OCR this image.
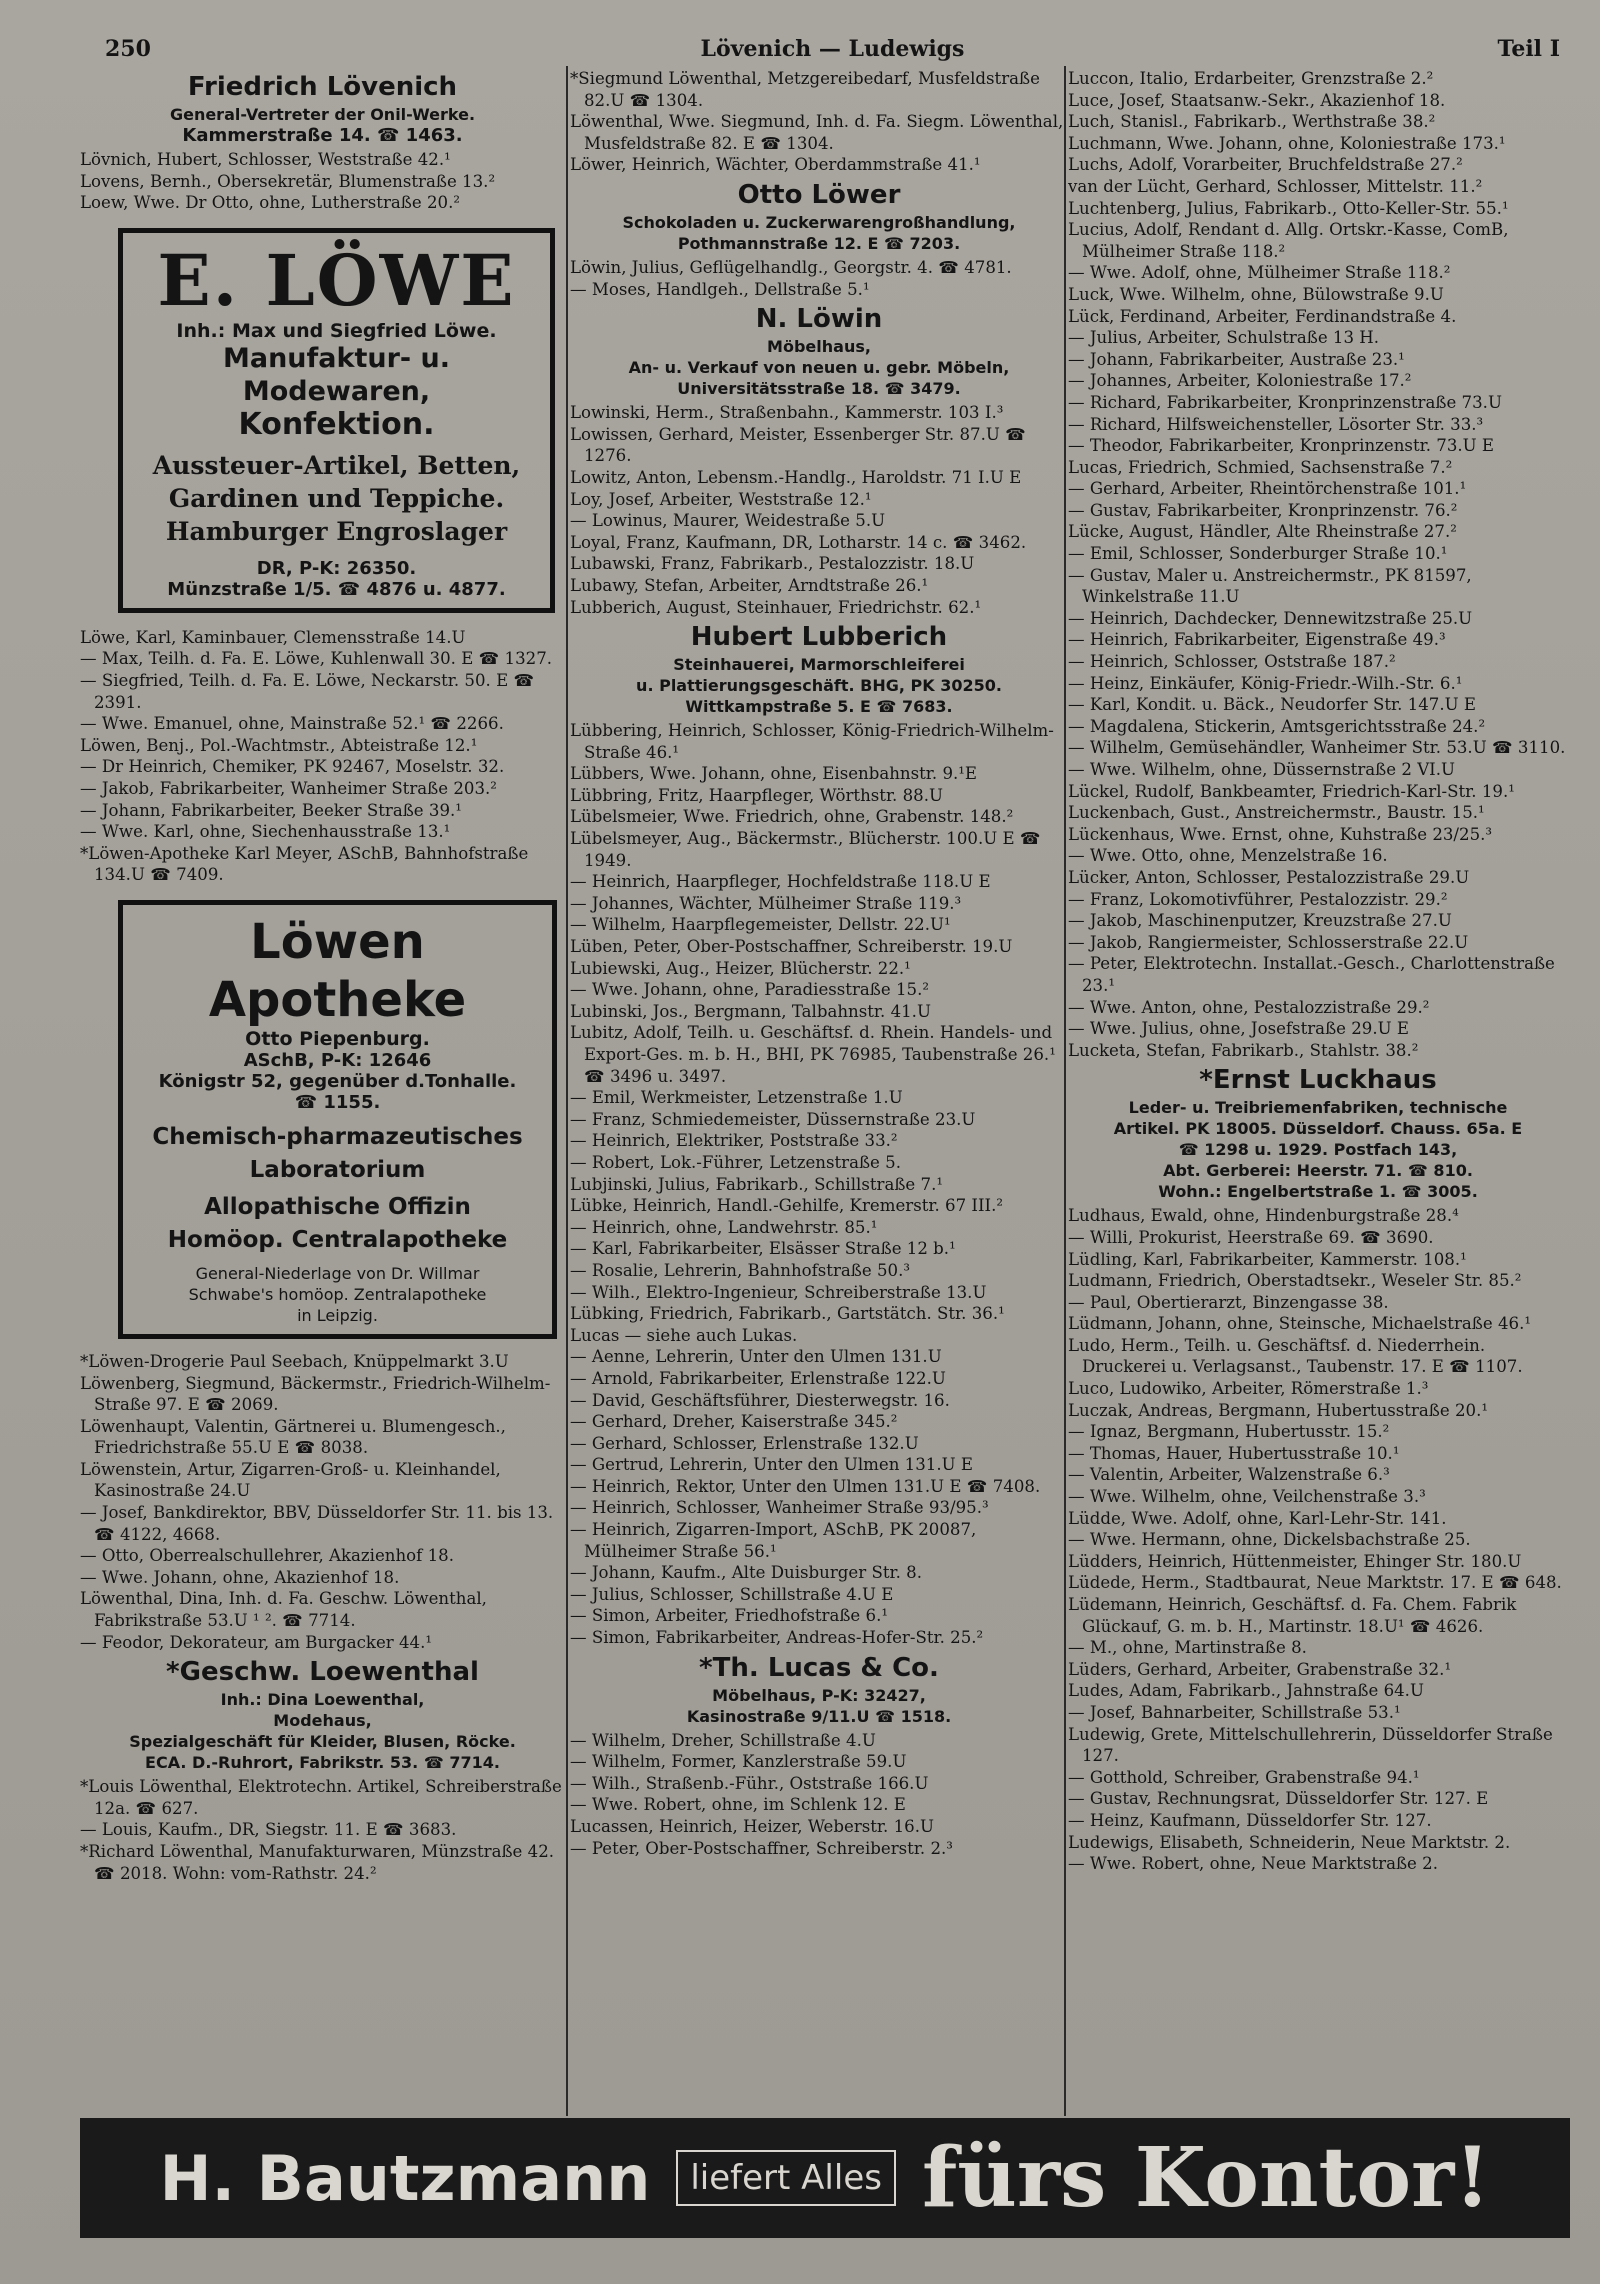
250	Lövenich — Ludewigs	Teil I
Friedrich Lövenich
General-Vertreter der Onil-Werke.
Kammerstraße 14. ☎ 1463.
Lövnich, Hubert, Schlosser, Weststraße 42.¹
Lovens, Bernh., Obersekretär, Blumenstraße 13.²
Loew, Wwe. Dr Otto, ohne, Lutherstraße 20.²
E. LÖWE
Inh.: Max und Siegfried Löwe.
Manufaktur- u. Modewaren,
Konfektion.
Aussteuer-Artikel, Betten,
Gardinen und Teppiche.
Hamburger Engroslager
DR, P-K: 26350.
Münzstraße 1/5. ☎ 4876 u. 4877.
Löwe, Karl, Kaminbauer, Clemensstraße 14.U
— Max, Teilh. d. Fa. E. Löwe, Kuhlenwall 30. E ☎ 1327.
— Siegfried, Teilh. d. Fa. E. Löwe, Neckarstr. 50. E ☎ 2391.
— Wwe. Emanuel, ohne, Mainstraße 52.¹ ☎ 2266.
Löwen, Benj., Pol.-Wachtmstr., Abteistraße 12.¹
— Dr Heinrich, Chemiker, PK 92467, Moselstr. 32.
— Jakob, Fabrikarbeiter, Wanheimer Straße 203.²
— Johann, Fabrikarbeiter, Beeker Straße 39.¹
— Wwe. Karl, ohne, Siechenhausstraße 13.¹
*Löwen-Apotheke Karl Meyer, ASchB, Bahnhofstraße 134.U ☎ 7409.
Löwen Apotheke
Otto Piepenburg.
ASchB, P-K: 12646
Königstr 52, gegenüber d.Tonhalle.
☎ 1155.
Chemisch-pharmazeutisches
Laboratorium
Allopathische Offizin
Homöop. Centralapotheke
General-Niederlage von Dr. Willmar
Schwabe's homöop. Zentralapotheke
in Leipzig.
*Löwen-Drogerie Paul Seebach, Knüppelmarkt 3.U
Löwenberg, Siegmund, Bäckermstr., Friedrich-Wilhelm-Straße 97. E ☎ 2069.
Löwenhaupt, Valentin, Gärtnerei u. Blumengesch., Friedrichstraße 55.U E ☎ 8038.
Löwenstein, Artur, Zigarren-Groß- u. Kleinhandel, Kasinostraße 24.U
— Josef, Bankdirektor, BBV, Düsseldorfer Str. 11. bis 13. ☎ 4122, 4668.
— Otto, Oberrealschullehrer, Akazienhof 18.
— Wwe. Johann, ohne, Akazienhof 18.
Löwenthal, Dina, Inh. d. Fa. Geschw. Löwenthal, Fabrikstraße 53.U ¹ ². ☎ 7714.
— Feodor, Dekorateur, am Burgacker 44.¹
*Geschw. Loewenthal
Inh.: Dina Loewenthal,
Modehaus,
Spezialgeschäft für Kleider, Blusen, Röcke.
ECA. D.-Ruhrort, Fabrikstr. 53. ☎ 7714.
*Louis Löwenthal, Elektrotechn. Artikel, Schreiberstraße 12a. ☎ 627.
— Louis, Kaufm., DR, Siegstr. 11. E ☎ 3683.
*Richard Löwenthal, Manufakturwaren, Münzstraße 42. ☎ 2018. Wohn: vom-Rathstr. 24.²
*Siegmund Löwenthal, Metzgereibedarf, Musfeldstraße 82.U ☎ 1304.
Löwenthal, Wwe. Siegmund, Inh. d. Fa. Siegm. Löwenthal, Musfeldstraße 82. E ☎ 1304.
Löwer, Heinrich, Wächter, Oberdammstraße 41.¹
Otto Löwer
Schokoladen u. Zuckerwarengroßhandlung,
Pothmannstraße 12. E ☎ 7203.
Löwin, Julius, Geflügelhandlg., Georgstr. 4. ☎ 4781.
— Moses, Handlgeh., Dellstraße 5.¹
N. Löwin
Möbelhaus,
An- u. Verkauf von neuen u. gebr. Möbeln,
Universitätsstraße 18. ☎ 3479.
Lowinski, Herm., Straßenbahn., Kammerstr. 103 I.³
Lowissen, Gerhard, Meister, Essenberger Str. 87.U ☎ 1276.
Lowitz, Anton, Lebensm.-Handlg., Haroldstr. 71 I.U E
Loy, Josef, Arbeiter, Weststraße 12.¹
— Lowinus, Maurer, Weidestraße 5.U
Loyal, Franz, Kaufmann, DR, Lotharstr. 14 c. ☎ 3462.
Lubawski, Franz, Fabrikarb., Pestalozzistr. 18.U
Lubawy, Stefan, Arbeiter, Arndtstraße 26.¹
Lubberich, August, Steinhauer, Friedrichstr. 62.¹
Hubert Lubberich
Steinhauerei, Marmorschleiferei
u. Plattierungsgeschäft. BHG, PK 30250.
Wittkampstraße 5. E ☎ 7683.
Lübbering, Heinrich, Schlosser, König-Friedrich-Wilhelm-Straße 46.¹
Lübbers, Wwe. Johann, ohne, Eisenbahnstr. 9.¹E
Lübbring, Fritz, Haarpfleger, Wörthstr. 88.U
Lübelsmeier, Wwe. Friedrich, ohne, Grabenstr. 148.²
Lübelsmeyer, Aug., Bäckermstr., Blücherstr. 100.U E ☎ 1949.
— Heinrich, Haarpfleger, Hochfeldstraße 118.U E
— Johannes, Wächter, Mülheimer Straße 119.³
— Wilhelm, Haarpflegemeister, Dellstr. 22.U¹
Lüben, Peter, Ober-Postschaffner, Schreiberstr. 19.U
Lubiewski, Aug., Heizer, Blücherstr. 22.¹
— Wwe. Johann, ohne, Paradiesstraße 15.²
Lubinski, Jos., Bergmann, Talbahnstr. 41.U
Lubitz, Adolf, Teilh. u. Geschäftsf. d. Rhein. Handels- und Export-Ges. m. b. H., BHI, PK 76985, Taubenstraße 26.¹ ☎ 3496 u. 3497.
— Emil, Werkmeister, Letzenstraße 1.U
— Franz, Schmiedemeister, Düssernstraße 23.U
— Heinrich, Elektriker, Poststraße 33.²
— Robert, Lok.-Führer, Letzenstraße 5.
Lubjinski, Julius, Fabrikarb., Schillstraße 7.¹
Lübke, Heinrich, Handl.-Gehilfe, Kremerstr. 67 III.²
— Heinrich, ohne, Landwehrstr. 85.¹
— Karl, Fabrikarbeiter, Elsässer Straße 12 b.¹
— Rosalie, Lehrerin, Bahnhofstraße 50.³
— Wilh., Elektro-Ingenieur, Schreiberstraße 13.U
Lübking, Friedrich, Fabrikarb., Gartstätch. Str. 36.¹
Lucas — siehe auch Lukas.
— Aenne, Lehrerin, Unter den Ulmen 131.U
— Arnold, Fabrikarbeiter, Erlenstraße 122.U
— David, Geschäftsführer, Diesterwegstr. 16.
— Gerhard, Dreher, Kaiserstraße 345.²
— Gerhard, Schlosser, Erlenstraße 132.U
— Gertrud, Lehrerin, Unter den Ulmen 131.U E
— Heinrich, Rektor, Unter den Ulmen 131.U E ☎ 7408.
— Heinrich, Schlosser, Wanheimer Straße 93/95.³
— Heinrich, Zigarren-Import, ASchB, PK 20087, Mülheimer Straße 56.¹
— Johann, Kaufm., Alte Duisburger Str. 8.
— Julius, Schlosser, Schillstraße 4.U E
— Simon, Arbeiter, Friedhofstraße 6.¹
— Simon, Fabrikarbeiter, Andreas-Hofer-Str. 25.²
*Th. Lucas & Co.
Möbelhaus, P-K: 32427,
Kasinostraße 9/11.U ☎ 1518.
— Wilhelm, Dreher, Schillstraße 4.U
— Wilhelm, Former, Kanzlerstraße 59.U
— Wilh., Straßenb.-Führ., Oststraße 166.U
— Wwe. Robert, ohne, im Schlenk 12. E
Lucassen, Heinrich, Heizer, Weberstr. 16.U
— Peter, Ober-Postschaffner, Schreiberstr. 2.³
Luccon, Italio, Erdarbeiter, Grenzstraße 2.²
Luce, Josef, Staatsanw.-Sekr., Akazienhof 18.
Luch, Stanisl., Fabrikarb., Werthstraße 38.²
Luchmann, Wwe. Johann, ohne, Koloniestraße 173.¹
Luchs, Adolf, Vorarbeiter, Bruchfeldstraße 27.²
van der Lücht, Gerhard, Schlosser, Mittelstr. 11.²
Luchtenberg, Julius, Fabrikarb., Otto-Keller-Str. 55.¹
Lucius, Adolf, Rendant d. Allg. Ortskr.-Kasse, ComB, Mülheimer Straße 118.²
— Wwe. Adolf, ohne, Mülheimer Straße 118.²
Luck, Wwe. Wilhelm, ohne, Bülowstraße 9.U
Lück, Ferdinand, Arbeiter, Ferdinandstraße 4.
— Julius, Arbeiter, Schulstraße 13 H.
— Johann, Fabrikarbeiter, Austraße 23.¹
— Johannes, Arbeiter, Koloniestraße 17.²
— Richard, Fabrikarbeiter, Kronprinzenstraße 73.U
— Richard, Hilfsweichensteller, Lösorter Str. 33.³
— Theodor, Fabrikarbeiter, Kronprinzenstr. 73.U E
Lucas, Friedrich, Schmied, Sachsenstraße 7.²
— Gerhard, Arbeiter, Rheintörchenstraße 101.¹
— Gustav, Fabrikarbeiter, Kronprinzenstr. 76.²
Lücke, August, Händler, Alte Rheinstraße 27.²
— Emil, Schlosser, Sonderburger Straße 10.¹
— Gustav, Maler u. Anstreichermstr., PK 81597, Winkelstraße 11.U
— Heinrich, Dachdecker, Dennewitzstraße 25.U
— Heinrich, Fabrikarbeiter, Eigenstraße 49.³
— Heinrich, Schlosser, Oststraße 187.²
— Heinz, Einkäufer, König-Friedr.-Wilh.-Str. 6.¹
— Karl, Kondit. u. Bäck., Neudorfer Str. 147.U E
— Magdalena, Stickerin, Amtsgerichtsstraße 24.²
— Wilhelm, Gemüsehändler, Wanheimer Str. 53.U ☎ 3110.
— Wwe. Wilhelm, ohne, Düssernstraße 2 VI.U
Lückel, Rudolf, Bankbeamter, Friedrich-Karl-Str. 19.¹
Luckenbach, Gust., Anstreichermstr., Baustr. 15.¹
Lückenhaus, Wwe. Ernst, ohne, Kuhstraße 23/25.³
— Wwe. Otto, ohne, Menzelstraße 16.
Lücker, Anton, Schlosser, Pestalozzistraße 29.U
— Franz, Lokomotivführer, Pestalozzistr. 29.²
— Jakob, Maschinenputzer, Kreuzstraße 27.U
— Jakob, Rangiermeister, Schlosserstraße 22.U
— Peter, Elektrotechn. Installat.-Gesch., Charlottenstraße 23.¹
— Wwe. Anton, ohne, Pestalozzistraße 29.²
— Wwe. Julius, ohne, Josefstraße 29.U E
Lucketa, Stefan, Fabrikarb., Stahlstr. 38.²
*Ernst Luckhaus
Leder- u. Treibriemenfabriken, technische
Artikel. PK 18005. Düsseldorf. Chauss. 65a. E
☎ 1298 u. 1929. Postfach 143,
Abt. Gerberei: Heerstr. 71. ☎ 810.
Wohn.: Engelbertstraße 1. ☎ 3005.
Ludhaus, Ewald, ohne, Hindenburgstraße 28.⁴
— Willi, Prokurist, Heerstraße 69. ☎ 3690.
Lüdling, Karl, Fabrikarbeiter, Kammerstr. 108.¹
Ludmann, Friedrich, Oberstadtsekr., Weseler Str. 85.²
— Paul, Obertierarzt, Binzengasse 38.
Lüdmann, Johann, ohne, Steinsche, Michaelstraße 46.¹
Ludo, Herm., Teilh. u. Geschäftsf. d. Niederrhein. Druckerei u. Verlagsanst., Taubenstr. 17. E ☎ 1107.
Luco, Ludowiko, Arbeiter, Römerstraße 1.³
Luczak, Andreas, Bergmann, Hubertusstraße 20.¹
— Ignaz, Bergmann, Hubertusstr. 15.²
— Thomas, Hauer, Hubertusstraße 10.¹
— Valentin, Arbeiter, Walzenstraße 6.³
— Wwe. Wilhelm, ohne, Veilchenstraße 3.³
Lüdde, Wwe. Adolf, ohne, Karl-Lehr-Str. 141.
— Wwe. Hermann, ohne, Dickelsbachstraße 25.
Lüdders, Heinrich, Hüttenmeister, Ehinger Str. 180.U
Lüdede, Herm., Stadtbaurat, Neue Marktstr. 17. E ☎ 648.
Lüdemann, Heinrich, Geschäftsf. d. Fa. Chem. Fabrik Glückauf, G. m. b. H., Martinstr. 18.U¹ ☎ 4626.
— M., ohne, Martinstraße 8.
Lüders, Gerhard, Arbeiter, Grabenstraße 32.¹
Ludes, Adam, Fabrikarb., Jahnstraße 64.U
— Josef, Bahnarbeiter, Schillstraße 53.¹
Ludewig, Grete, Mittelschullehrerin, Düsseldorfer Straße 127.
— Gotthold, Schreiber, Grabenstraße 94.¹
— Gustav, Rechnungsrat, Düsseldorfer Str. 127. E
— Heinz, Kaufmann, Düsseldorfer Str. 127.
Ludewigs, Elisabeth, Schneiderin, Neue Marktstr. 2.
— Wwe. Robert, ohne, Neue Marktstraße 2.
H. Bautzmann	liefert Alles fürs Kontor!
